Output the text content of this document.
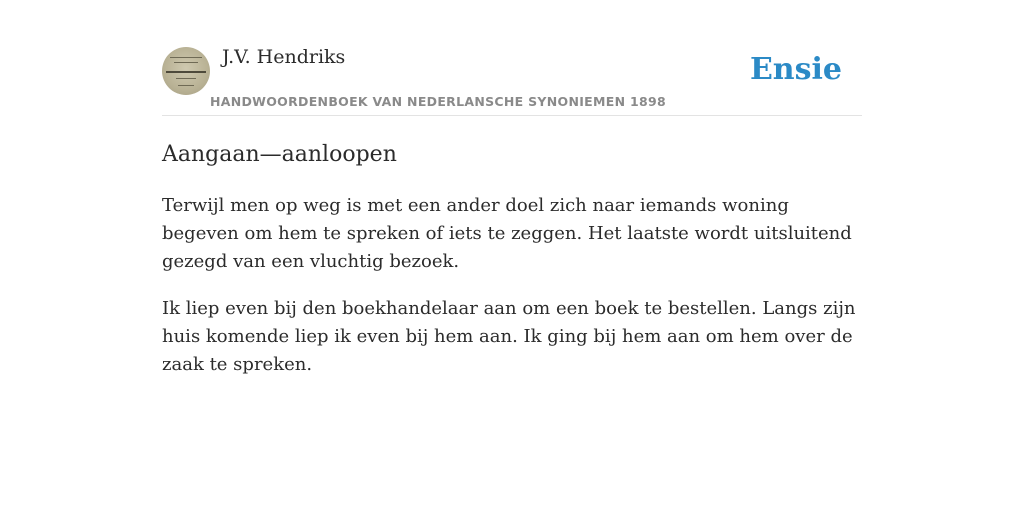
J.V. Hendriks
HANDWOORDENBOEK VAN NEDERLANSCHE SYNONIEMEN 1898
Ensie
Aangaan—aanloopen

Terwijl men op weg is met een ander doel zich naar iemands woning begeven om hem te spreken of iets te zeggen. Het laatste wordt uitsluitend gezegd van een vluchtig bezoek.

Ik liep even bij den boekhandelaar aan om een boek te bestellen. Langs zijn huis komende liep ik even bij hem aan. Ik ging bij hem aan om hem over de zaak te spreken.
